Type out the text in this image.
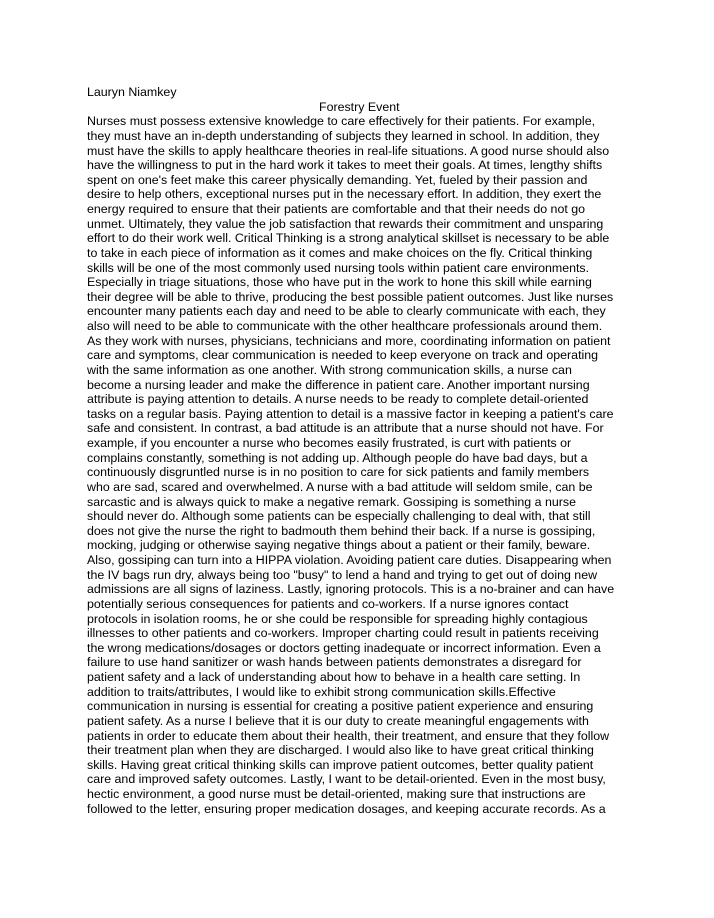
Lauryn Niamkey

Forestry Event

Nurses must possess extensive knowledge to care effectively for their patients. For example,

they must have an in-depth understanding of subjects they learned in school. In addition, they

must have the skills to apply healthcare theories in real-life situations. A good nurse should also

have the willingness to put in the hard work it takes to meet their goals. At times, lengthy shifts

spent on one's feet make this career physically demanding. Yet, fueled by their passion and

desire to help others, exceptional nurses put in the necessary effort. In addition, they exert the

energy required to ensure that their patients are comfortable and that their needs do not go

unmet. Ultimately, they value the job satisfaction that rewards their commitment and unsparing

effort to do their work well. Critical Thinking is a strong analytical skillset is necessary to be able

to take in each piece of information as it comes and make choices on the fly. Critical thinking

skills will be one of the most commonly used nursing tools within patient care environments.

Especially in triage situations, those who have put in the work to hone this skill while earning

their degree will be able to thrive, producing the best possible patient outcomes. Just like nurses

encounter many patients each day and need to be able to clearly communicate with each, they

also will need to be able to communicate with the other healthcare professionals around them.

As they work with nurses, physicians, technicians and more, coordinating information on patient

care and symptoms, clear communication is needed to keep everyone on track and operating

with the same information as one another. With strong communication skills, a nurse can

become a nursing leader and make the difference in patient care. Another important nursing

attribute is paying attention to details. A nurse needs to be ready to complete detail-oriented

tasks on a regular basis. Paying attention to detail is a massive factor in keeping a patient's care

safe and consistent. In contrast, a bad attitude is an attribute that a nurse should not have. For

example, if you encounter a nurse who becomes easily frustrated, is curt with patients or

complains constantly, something is not adding up. Although people do have bad days, but a

continuously disgruntled nurse is in no position to care for sick patients and family members

who are sad, scared and overwhelmed. A nurse with a bad attitude will seldom smile, can be

sarcastic and is always quick to make a negative remark. Gossiping is something a nurse

should never do. Although some patients can be especially challenging to deal with, that still

does not give the nurse the right to badmouth them behind their back. If a nurse is gossiping,

mocking, judging or otherwise saying negative things about a patient or their family, beware.

Also, gossiping can turn into a HIPPA violation. Avoiding patient care duties. Disappearing when

the IV bags run dry, always being too "busy" to lend a hand and trying to get out of doing new

admissions are all signs of laziness. Lastly, ignoring protocols. This is a no-brainer and can have

potentially serious consequences for patients and co-workers. If a nurse ignores contact

protocols in isolation rooms, he or she could be responsible for spreading highly contagious

illnesses to other patients and co-workers. Improper charting could result in patients receiving

the wrong medications/dosages or doctors getting inadequate or incorrect information. Even a

failure to use hand sanitizer or wash hands between patients demonstrates a disregard for

patient safety and a lack of understanding about how to behave in a health care setting. In

addition to traits/attributes, I would like to exhibit strong communication skills.Effective

communication in nursing is essential for creating a positive patient experience and ensuring

patient safety. As a nurse I believe that it is our duty to create meaningful engagements with

patients in order to educate them about their health, their treatment, and ensure that they follow

their treatment plan when they are discharged. I would also like to have great critical thinking

skills. Having great critical thinking skills can improve patient outcomes, better quality patient

care and improved safety outcomes. Lastly, I want to be detail-oriented. Even in the most busy,

hectic environment, a good nurse must be detail-oriented, making sure that instructions are

followed to the letter, ensuring proper medication dosages, and keeping accurate records. As a
